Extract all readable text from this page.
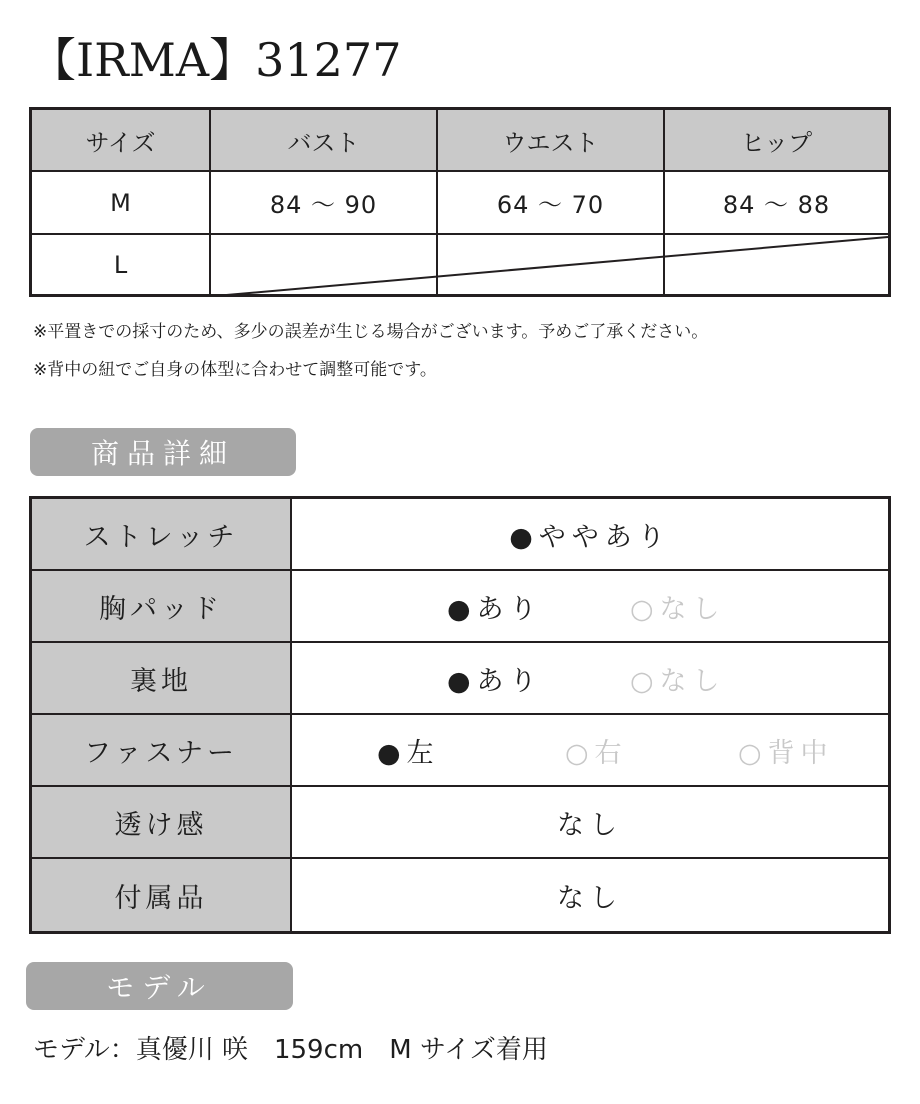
【IRMA】31277
サイズ	バスト	ウエスト	ヒップ
M	84 〜 90	64 〜 70	84 〜 88
L
※平置きでの採寸のため、多少の誤差が生じる場合がございます。予めご了承ください。
※背中の紐でご自身の体型に合わせて調整可能です。
商品詳細
ストレッチ	●ややあり
胸パッド	●あり	○なし
裏地	●あり	○なし
ファスナー	●左	○右	○背中
透け感	なし
付属品	なし
モデル
モデル：真優川 咲　159cm　M サイズ着用
